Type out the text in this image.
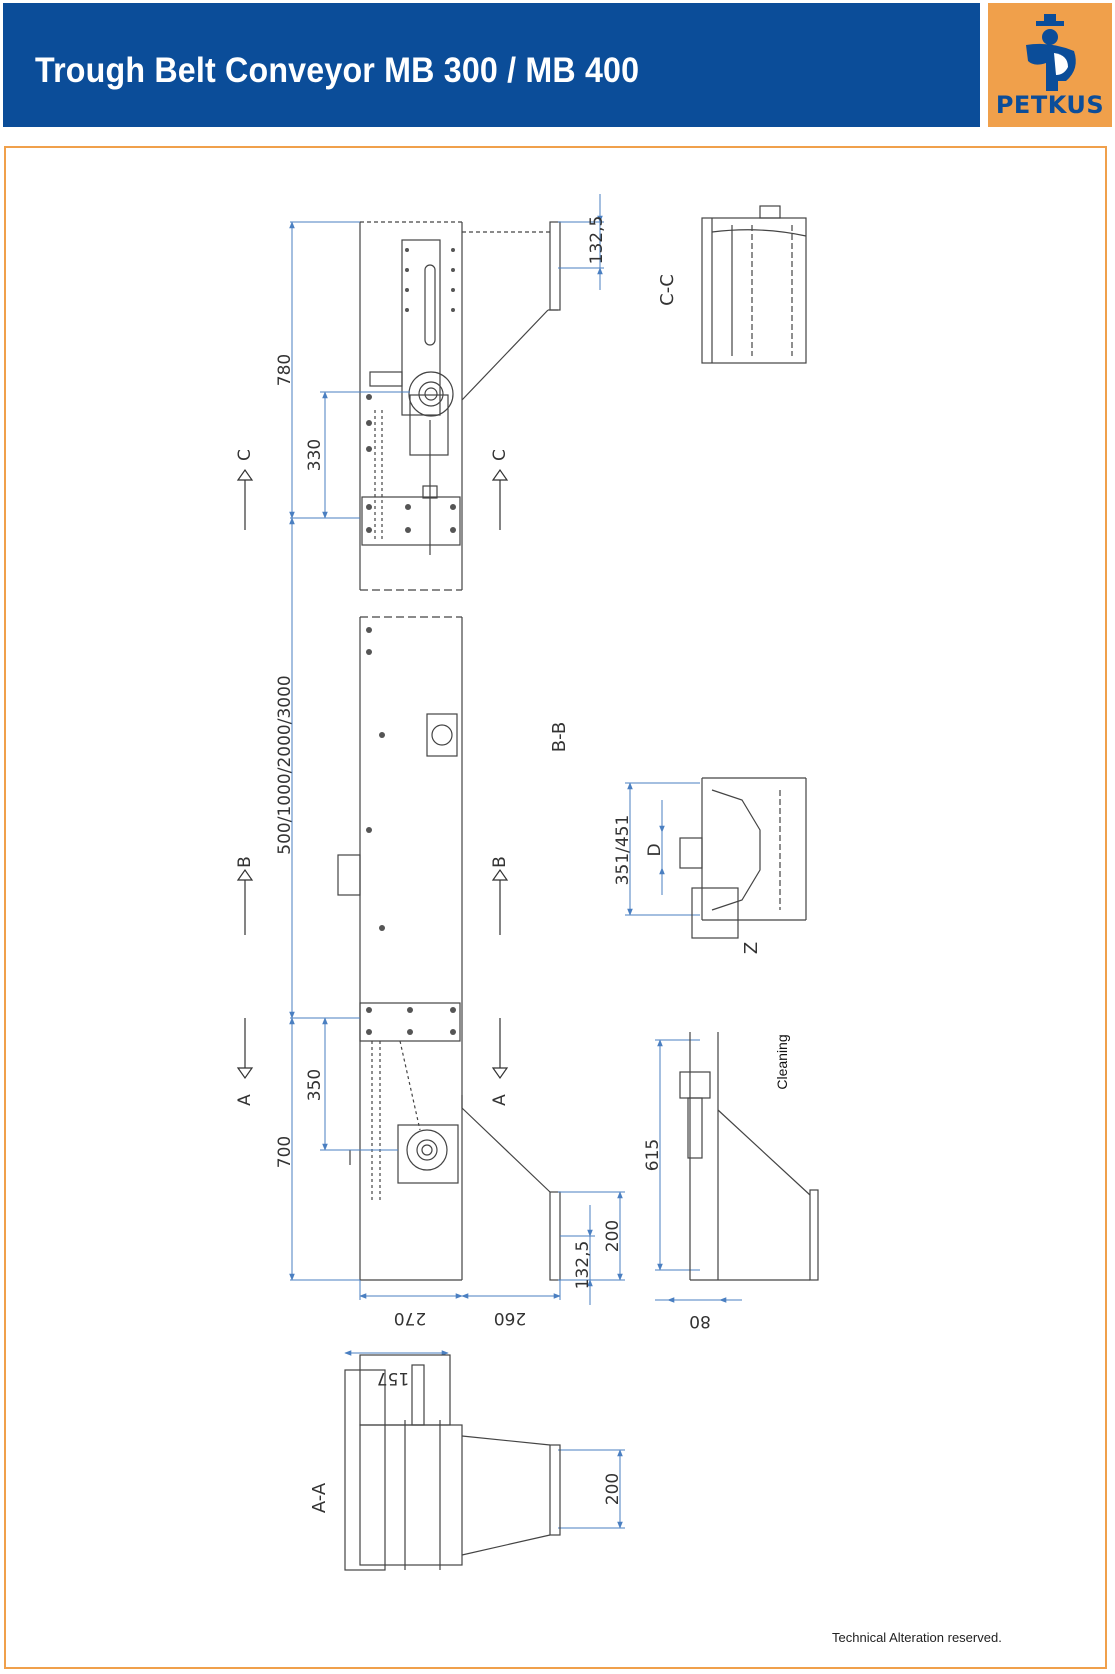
Trough Belt Conveyor MB 300 / MB 400
PETKUS
780
330
132,5
500/1000/2000/3000
350
700
200
132,5
270	260
157
200
615
80
351/451 D
C	C
B	B
A	A
C-C
B-B
A-A
Z
Cleaning
Technical Alteration reserved.
